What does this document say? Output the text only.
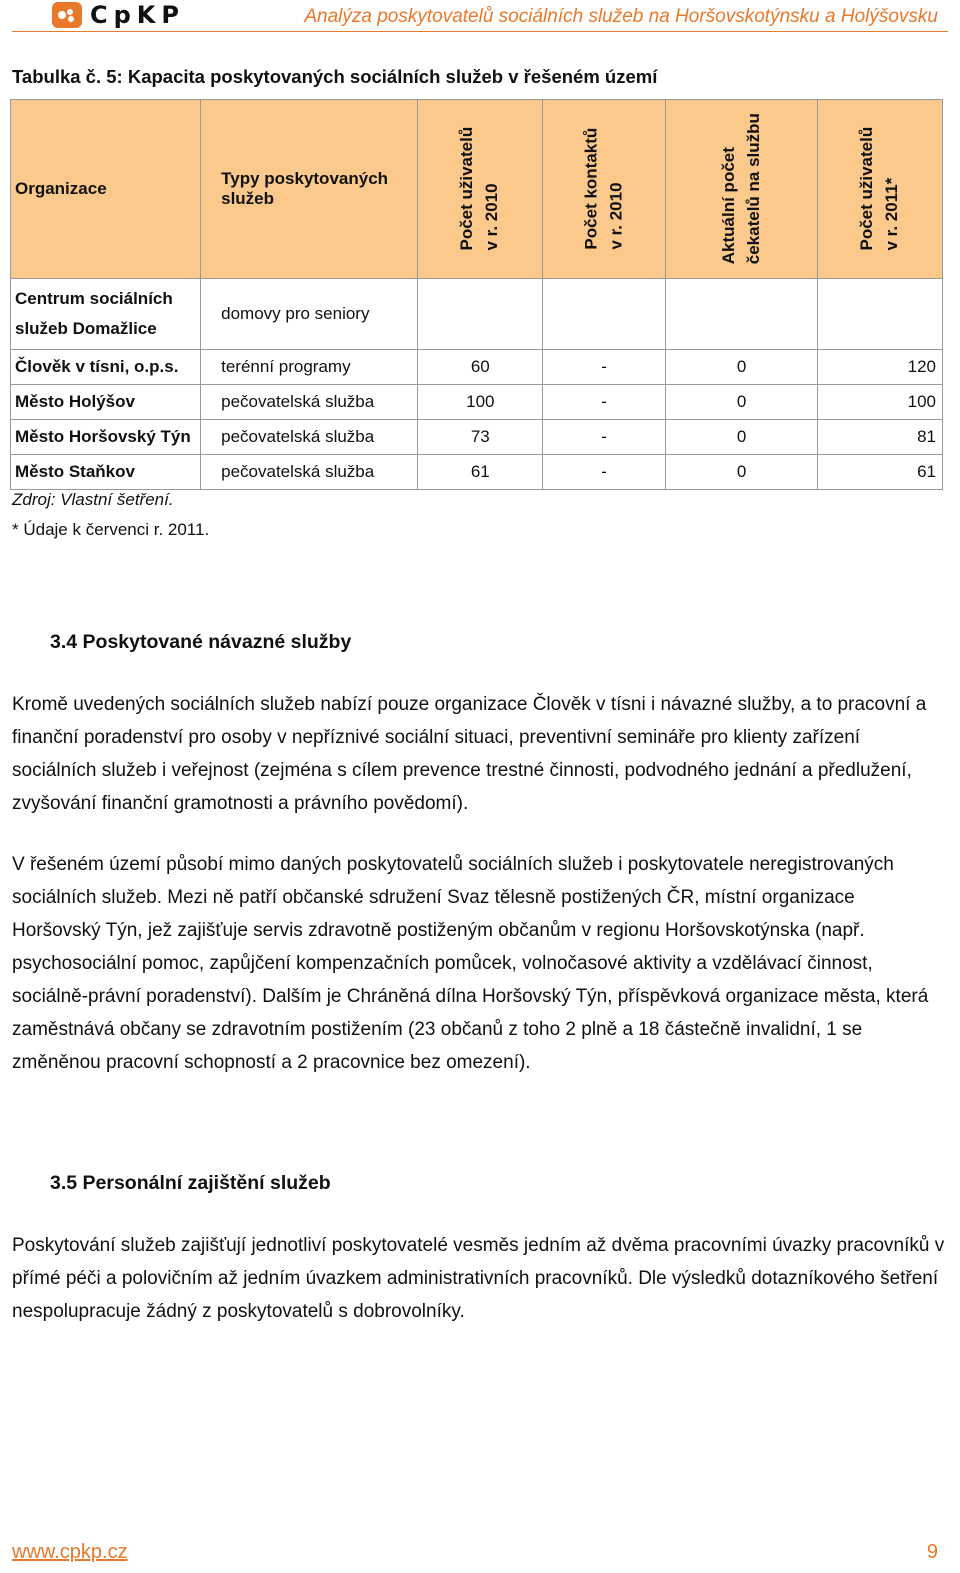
CpKP	Analýza poskytovatelů sociálních služeb na Horšovskotýnsku a Holýšovsku
Tabulka č. 5: Kapacita poskytovaných sociálních služeb v řešeném území
Organizace	Typy poskytovaných služeb	Počet uživatelů v r. 2010	Počet kontaktů v r. 2010	Aktuální počet čekatelů na službu	Počet uživatelů v r. 2011*
Centrum sociálních služeb Domažlice	domovy pro seniory				
Člověk v tísni, o.p.s.	terénní programy	60	-	0	120
Město Holýšov	pečovatelská služba	100	-	0	100
Město Horšovský Týn	pečovatelská služba	73	-	0	81
Město Staňkov	pečovatelská služba	61	-	0	61
Zdroj: Vlastní šetření.
* Údaje k červenci r. 2011.
3.4 Poskytované návazné služby
Kromě uvedených sociálních služeb nabízí pouze organizace Člověk v tísni i návazné služby, a to pracovní a finanční poradenství pro osoby v nepříznivé sociální situaci, preventivní semináře pro klienty zařízení sociálních služeb i veřejnost (zejména s cílem prevence trestné činnosti, podvodného jednání a předlužení, zvyšování finanční gramotnosti a právního povědomí).
V řešeném území působí mimo daných poskytovatelů sociálních služeb i poskytovatele neregistrovaných sociálních služeb. Mezi ně patří občanské sdružení Svaz tělesně postižených ČR, místní organizace Horšovský Týn, jež zajišťuje servis zdravotně postiženým občanům v regionu Horšovskotýnska (např. psychosociální pomoc, zapůjčení kompenzačních pomůcek, volnočasové aktivity a vzdělávací činnost, sociálně-právní poradenství). Dalším je Chráněná dílna Horšovský Týn, příspěvková organizace města, která zaměstnává občany se zdravotním postižením (23 občanů z toho 2 plně a 18 částečně invalidní, 1 se změněnou pracovní schopností a 2 pracovnice bez omezení).
3.5 Personální zajištění služeb
Poskytování služeb zajišťují jednotliví poskytovatelé vesměs jedním až dvěma pracovními úvazky pracovníků v přímé péči a polovičním až jedním úvazkem administrativních pracovníků. Dle výsledků dotazníkového šetření nespolupracuje žádný z poskytovatelů s dobrovolníky.
www.cpkp.cz	9
